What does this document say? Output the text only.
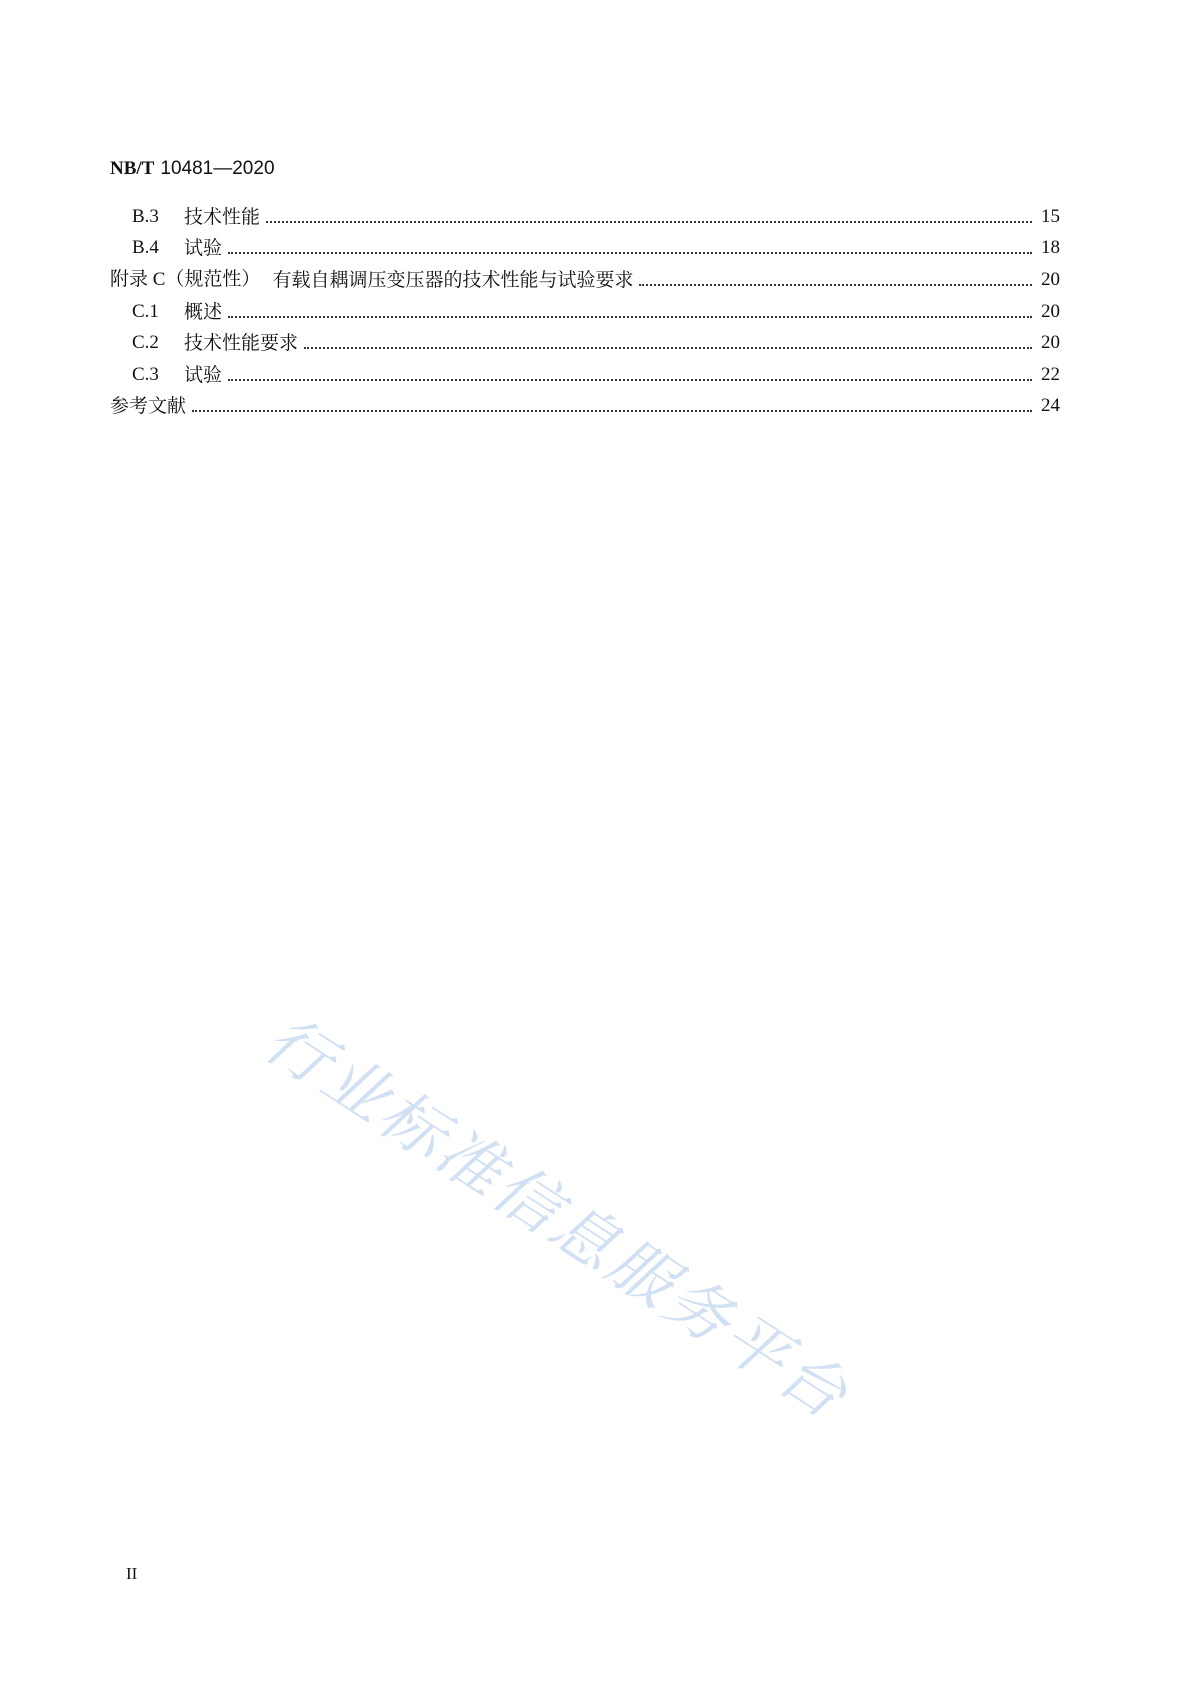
NB/T 10481—2020
B.3	技术性能	15
B.4	试验	18
附录 C（规范性） 有载自耦调压变压器的技术性能与试验要求	20
C.1	概述	20
C.2	技术性能要求	20
C.3	试验	22
参考文献	24
行业标准信息服务平台
II
